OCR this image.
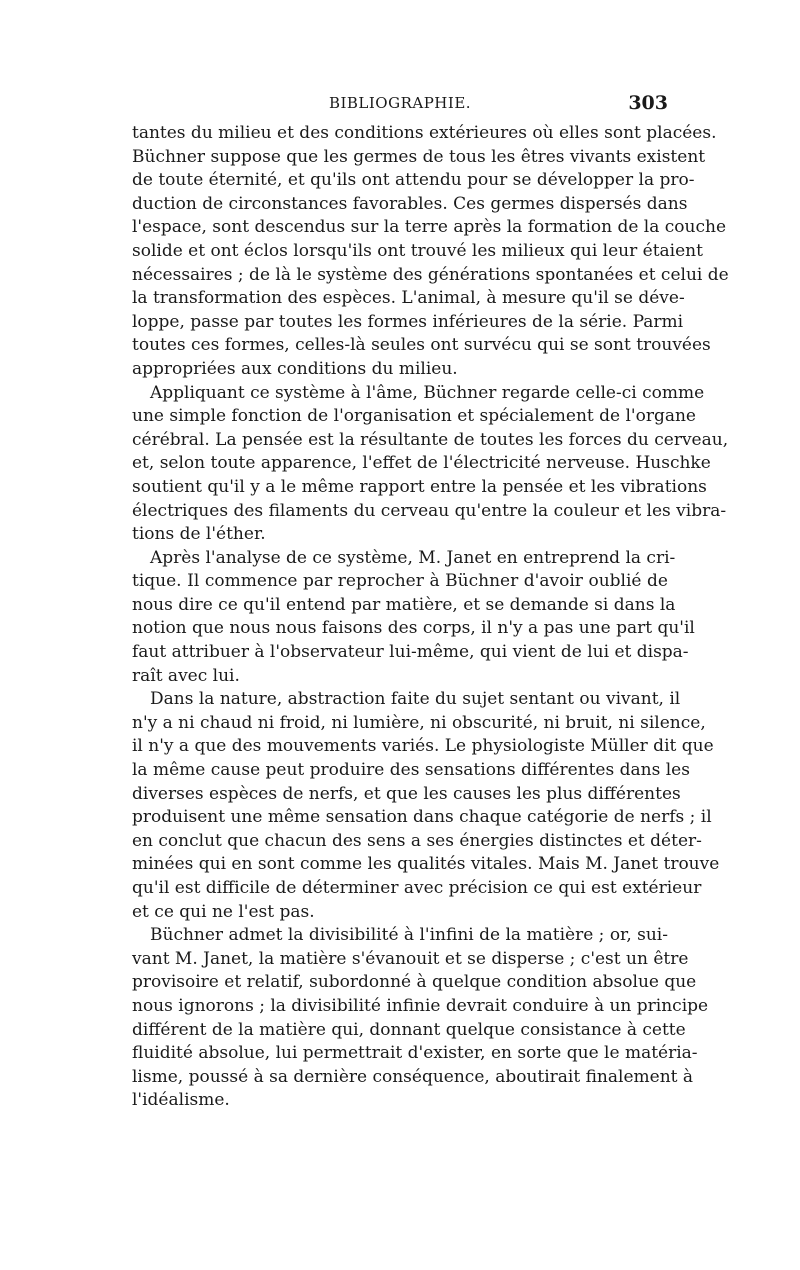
BIBLIOGRAPHIE.	303
tantes du milieu et des conditions extérieures où elles sont placées.
Büchner suppose que les germes de tous les êtres vivants existent
de toute éternité, et qu'ils ont attendu pour se développer la pro-
duction de circonstances favorables. Ces germes dispersés dans
l'espace, sont descendus sur la terre après la formation de la couche
solide et ont éclos lorsqu'ils ont trouvé les milieux qui leur étaient
nécessaires ; de là le système des générations spontanées et celui de
la transformation des espèces. L'animal, à mesure qu'il se déve-
loppe, passe par toutes les formes inférieures de la série. Parmi
toutes ces formes, celles-là seules ont survécu qui se sont trouvées
appropriées aux conditions du milieu.
Appliquant ce système à l'âme, Büchner regarde celle-ci comme
une simple fonction de l'organisation et spécialement de l'organe
cérébral. La pensée est la résultante de toutes les forces du cerveau,
et, selon toute apparence, l'effet de l'électricité nerveuse. Huschke
soutient qu'il y a le même rapport entre la pensée et les vibrations
électriques des filaments du cerveau qu'entre la couleur et les vibra-
tions de l'éther.
Après l'analyse de ce système, M. Janet en entreprend la cri-
tique. Il commence par reprocher à Büchner d'avoir oublié de
nous dire ce qu'il entend par matière, et se demande si dans la
notion que nous nous faisons des corps, il n'y a pas une part qu'il
faut attribuer à l'observateur lui-même, qui vient de lui et dispa-
raît avec lui.
Dans la nature, abstraction faite du sujet sentant ou vivant, il
n'y a ni chaud ni froid, ni lumière, ni obscurité, ni bruit, ni silence,
il n'y a que des mouvements variés. Le physiologiste Müller dit que
la même cause peut produire des sensations différentes dans les
diverses espèces de nerfs, et que les causes les plus différentes
produisent une même sensation dans chaque catégorie de nerfs ; il
en conclut que chacun des sens a ses énergies distinctes et déter-
minées qui en sont comme les qualités vitales. Mais M. Janet trouve
qu'il est difficile de déterminer avec précision ce qui est extérieur
et ce qui ne l'est pas.
Büchner admet la divisibilité à l'infini de la matière ; or, sui-
vant M. Janet, la matière s'évanouit et se disperse ; c'est un être
provisoire et relatif, subordonné à quelque condition absolue que
nous ignorons ; la divisibilité infinie devrait conduire à un principe
différent de la matière qui, donnant quelque consistance à cette
fluidité absolue, lui permettrait d'exister, en sorte que le matéria-
lisme, poussé à sa dernière conséquence, aboutirait finalement à
l'idéalisme.
